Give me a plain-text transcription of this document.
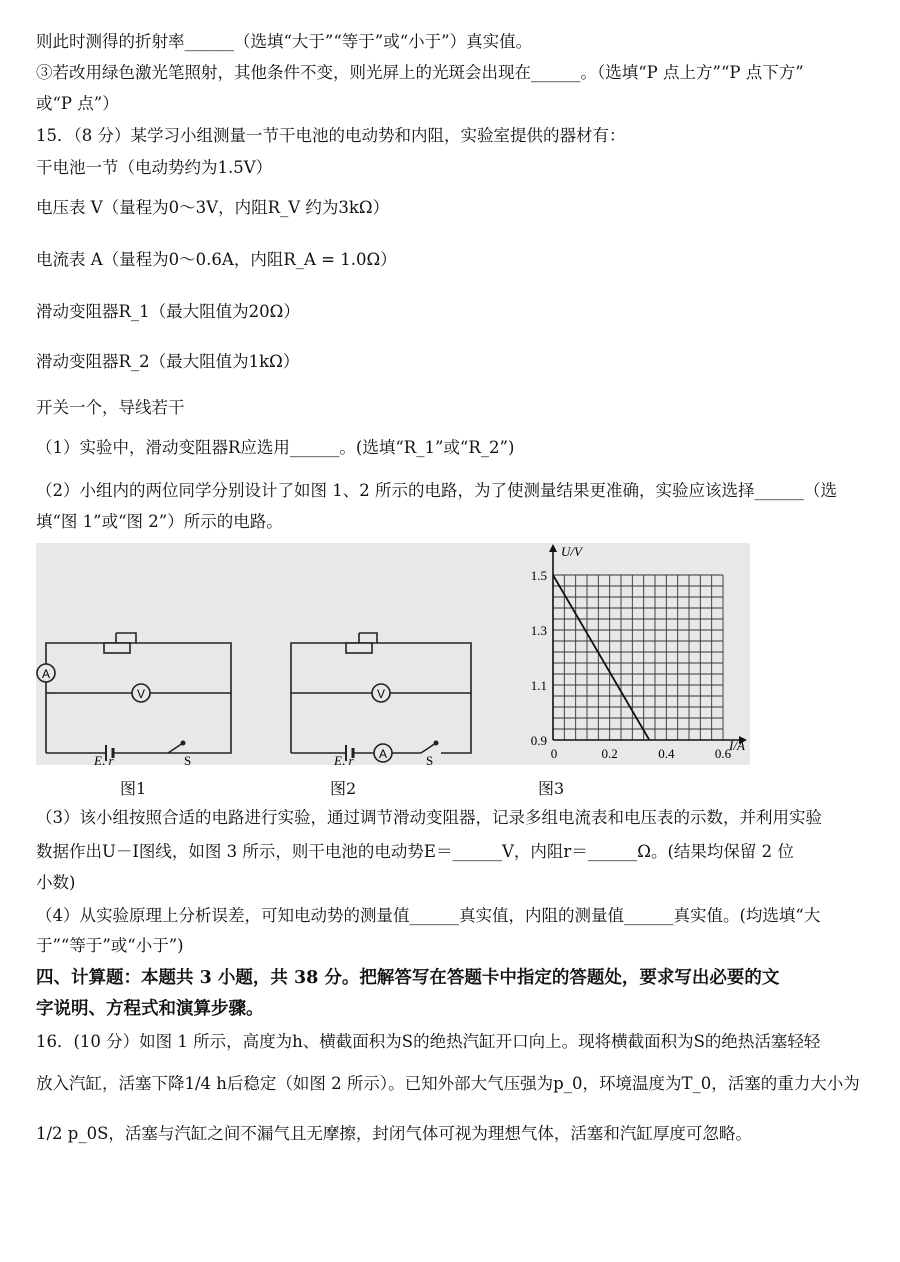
则此时测得的折射率______（选填“大于”“等于”或“小于”）真实值。
③若改用绿色激光笔照射，其他条件不变，则光屏上的光斑会出现在______。（选填“P 点上方”“P 点下方”
或“P 点”）
15．（8 分）某学习小组测量一节干电池的电动势和内阻，实验室提供的器材有：
干电池一节（电动势约为1.5V）
电压表 V（量程为0～3V，内阻R_V 约为3kΩ）
电流表 A（量程为0～0.6A，内阻R_A = 1.0Ω）
滑动变阻器R_1（最大阻值为20Ω）
滑动变阻器R_2（最大阻值为1kΩ）
开关一个，导线若干
（1）实验中，滑动变阻器R应选用______。(选填“R_1”或“R_2”)
（2）小组内的两位同学分别设计了如图 1、2 所示的电路，为了使测量结果更准确，实验应该选择______（选
填“图 1”或“图 2”）所示的电路。
A
V
E, r	S
V
A
E, r	S	0	0.2	0.4	0.6
0.9
1.1
1.3
1.5
I/A
U/V
图1	图2	图3
（3）该小组按照合适的电路进行实验，通过调节滑动变阻器，记录多组电流表和电压表的示数，并利用实验
数据作出U－I图线，如图 3 所示，则干电池的电动势E＝______V，内阻r＝______Ω。(结果均保留 2 位
小数)
（4）从实验原理上分析误差，可知电动势的测量值______真实值，内阻的测量值______真实值。(均选填“大
于”“等于”或“小于”)
四、计算题：本题共 3 小题，共 38 分。把解答写在答题卡中指定的答题处，要求写出必要的文
字说明、方程式和演算步骤。
16．(10 分）如图 1 所示，高度为h、横截面积为S的绝热汽缸开口向上。现将横截面积为S的绝热活塞轻轻
放入汽缸，活塞下降1/4 h后稳定（如图 2 所示）。已知外部大气压强为p_0，环境温度为T_0，活塞的重力大小为
1/2 p_0S，活塞与汽缸之间不漏气且无摩擦，封闭气体可视为理想气体，活塞和汽缸厚度可忽略。
